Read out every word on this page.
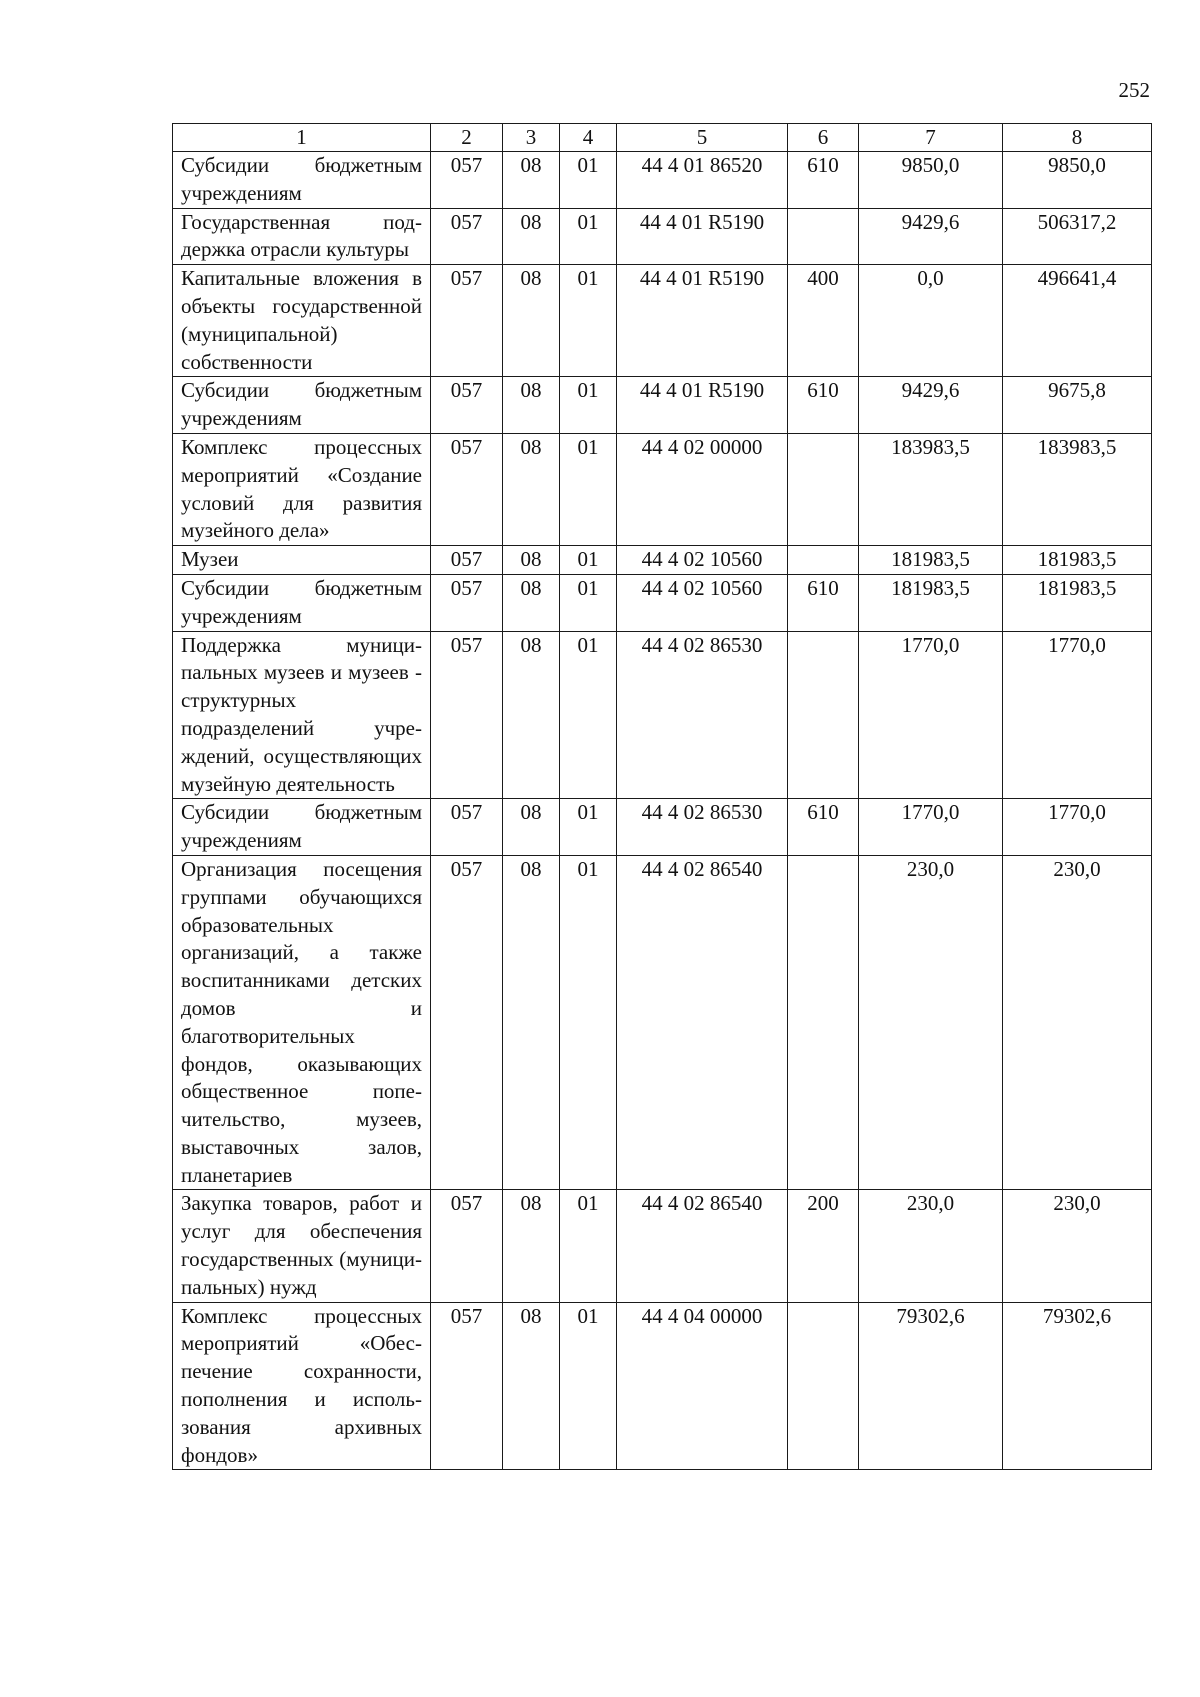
252
1	2	3	4	5	6	7	8
Субсидии бюджетным учреждениям	057	08	01	44 4 01 86520	610	9850,0	9850,0
Государственная поддержка отрасли культуры	057	08	01	44 4 01 R5190		9429,6	506317,2
Капитальные вложения в объекты государственной (муниципальной) собственности	057	08	01	44 4 01 R5190	400	0,0	496641,4
Субсидии бюджетным учреждениям	057	08	01	44 4 01 R5190	610	9429,6	9675,8
Комплекс процессных мероприятий «Создание условий для развития музейного дела»	057	08	01	44 4 02 00000		183983,5	183983,5
Музеи	057	08	01	44 4 02 10560		181983,5	181983,5
Субсидии бюджетным учреждениям	057	08	01	44 4 02 10560	610	181983,5	181983,5
Поддержка муниципальных музеев и музеев - структурных подразделений учреждений, осуществляющих музейную деятельность	057	08	01	44 4 02 86530		1770,0	1770,0
Субсидии бюджетным учреждениям	057	08	01	44 4 02 86530	610	1770,0	1770,0
Организация посещения группами обучающихся образовательных организаций, а также воспитанниками детских домов и благотворительных фондов, оказывающих общественное попечительство, музеев, выставочных залов, планетариев	057	08	01	44 4 02 86540		230,0	230,0
Закупка товаров, работ и услуг для обеспечения государственных (муниципальных) нужд	057	08	01	44 4 02 86540	200	230,0	230,0
Комплекс процессных мероприятий «Обеспечение сохранности, пополнения и использования архивных фондов»	057	08	01	44 4 04 00000		79302,6	79302,6
